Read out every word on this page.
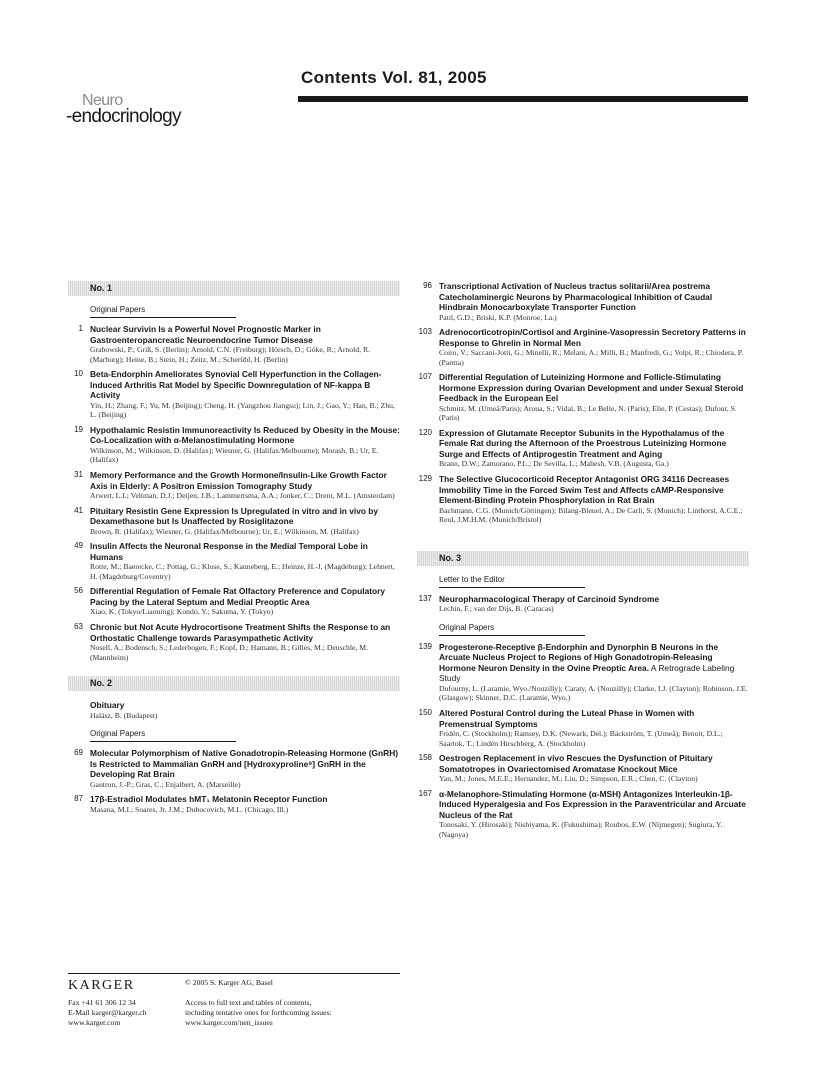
Contents Vol. 81, 2005
Neuro
-endocrinology
No. 1
Original Papers
1 Nuclear Survivin Is a Powerful Novel Prognostic Marker in Gastroenteropancreatic Neuroendocrine Tumor Disease
Grabowski, P.; Griß, S. (Berlin); Arnold, C.N. (Freiburg); Hörsch, D.; Göke, R.; Arnold, R. (Marburg); Heine, B.; Stein, H.; Zeitz, M.; Scherübl, H. (Berlin)
10 Beta-Endorphin Ameliorates Synovial Cell Hyperfunction in the Collagen-Induced Arthritis Rat Model by Specific Downregulation of NF-kappa B Activity
Yin, H.; Zhang, F.; Yu, M. (Beijing); Cheng, H. (Yangzhou Jiangsu); Lin, J.; Gao, Y.; Han, B.; Zhu, L. (Beijing)
19 Hypothalamic Resistin Immunoreactivity Is Reduced by Obesity in the Mouse: Co-Localization with α-Melanostimulating Hormone
Wilkinson, M.; Wilkinson, D. (Halifax); Wiesner, G. (Halifax/Melbourne); Morash, B.; Ur, E. (Halifax)
31 Memory Performance and the Growth Hormone/Insulin-Like Growth Factor Axis in Elderly: A Positron Emission Tomography Study
Arwert, L.I.; Veltman, D.J.; Deijen, J.B.; Lammertsma, A.A.; Jonker, C.; Drent, M.L. (Amsterdam)
41 Pituitary Resistin Gene Expression Is Upregulated in vitro and in vivo by Dexamethasone but Is Unaffected by Rosiglitazone
Brown, R. (Halifax); Wiesner, G. (Halifax/Melbourne); Ur, E.; Wilkinson, M. (Halifax)
49 Insulin Affects the Neuronal Response in the Medial Temporal Lobe in Humans
Rotte, M.; Baerecke, C.; Pottag, G.; Klose, S.; Kanneberg, E.; Heinze, H.-J. (Magdeburg); Lehnert, H. (Magdeburg/Coventry)
56 Differential Regulation of Female Rat Olfactory Preference and Copulatory Pacing by the Lateral Septum and Medial Preoptic Area
Xiao, K. (Tokyo/Liaoning); Kondo, Y.; Sakuma, Y. (Tokyo)
63 Chronic but Not Acute Hydrocortisone Treatment Shifts the Response to an Orthostatic Challenge towards Parasympathetic Activity
Nosell, A.; Bodensch, S.; Lederbogen, F.; Kopf, D.; Hamann, B.; Gilles, M.; Deuschle, M. (Mannheim)
No. 2
Obituary
Halász, B. (Budapest)
Original Papers
69 Molecular Polymorphism of Native Gonadotropin-Releasing Hormone (GnRH) Is Restricted to Mammalian GnRH and [Hydroxyproline⁹] GnRH in the Developing Rat Brain
Gautron, J.-P.; Gras, C.; Enjalbert, A. (Marseille)
87 17β-Estradiol Modulates hMT₁ Melatonin Receptor Function
Masana, M.I.; Soares, Jr. J.M.; Dubocovich, M.L. (Chicago, Ill.)
96 Transcriptional Activation of Nucleus tractus solitarii/Area postrema Catecholaminergic Neurons by Pharmacological Inhibition of Caudal Hindbrain Monocarboxylate Transporter Function
Patil, G.D.; Briski, K.P. (Monroe, La.)
103 Adrenocorticotropin/Cortisol and Arginine-Vasopressin Secretory Patterns in Response to Ghrelin in Normal Men
Coiro, V.; Saccani-Jotti, G.; Minelli, R.; Melani, A.; Milli, B.; Manfredi, G.; Volpi, R.; Chiodera, P. (Parma)
107 Differential Regulation of Luteinizing Hormone and Follicle-Stimulating Hormone Expression during Ovarian Development and under Sexual Steroid Feedback in the European Eel
Schmitz, M. (Umeå/Paris); Aroua, S.; Vidal, B.; Le Belle, N. (Paris); Elie, P. (Cestas); Dufour, S. (Paris)
120 Expression of Glutamate Receptor Subunits in the Hypothalamus of the Female Rat during the Afternoon of the Proestrous Luteinizing Hormone Surge and Effects of Antiprogestin Treatment and Aging
Brann, D.W.; Zamorano, P.L.; De Sevilla, L.; Mahesh, V.B. (Augusta, Ga.)
129 The Selective Glucocorticoid Receptor Antagonist ORG 34116 Decreases Immobility Time in the Forced Swim Test and Affects cAMP-Responsive Element-Binding Protein Phosphorylation in Rat Brain
Bachmann, C.G. (Munich/Göttingen); Bilang-Bleuel, A.; De Carli, S. (Munich); Linthorst, A.C.E.; Reul, J.M.H.M. (Munich/Bristol)
No. 3
Letter to the Editor
137 Neuropharmacological Therapy of Carcinoid Syndrome
Lechin, F.; van der Dijs, B. (Caracas)
Original Papers
139 Progesterone-Receptive β-Endorphin and Dynorphin B Neurons in the Arcuate Nucleus Project to Regions of High Gonadotropin-Releasing Hormone Neuron Density in the Ovine Preoptic Area. A Retrograde Labeling Study
Dufourny, L. (Laramie, Wyo./Nouzilly); Caraty, A. (Nouzilly); Clarke, I.J. (Clayton); Robinson, J.E. (Glasgow); Skinner, D.C. (Laramie, Wyo.)
150 Altered Postural Control during the Luteal Phase in Women with Premenstrual Symptoms
Fridén, C. (Stockholm); Ramsey, D.K. (Newark, Del.); Bäckström, T. (Umeå); Benoit, D.L.; Saartok, T.; Lindén Hirschberg, A. (Stockholm)
158 Oestrogen Replacement in vivo Rescues the Dysfunction of Pituitary Somatotropes in Ovariectomised Aromatase Knockout Mice
Yan, M.; Jones, M.E.E.; Hernandez, M.; Liu, D.; Simpson, E.R.; Chen, C. (Clayton)
167 α-Melanophore-Stimulating Hormone (α-MSH) Antagonizes Interleukin-1β-Induced Hyperalgesia and Fos Expression in the Paraventricular and Arcuate Nucleus of the Rat
Tonosaki, Y. (Hirosaki); Nishiyama, K. (Fukushima); Roubos, E.W. (Nijmegen); Sugiura, Y. (Nagoya)
KARGER
Fax +41 61 306 12 34
E-Mail karger@karger.ch
www.karger.com
© 2005 S. Karger AG, Basel
Access to full text and tables of contents,
including tentative ones for forthcoming issues:
www.karger.com/nen_issues
